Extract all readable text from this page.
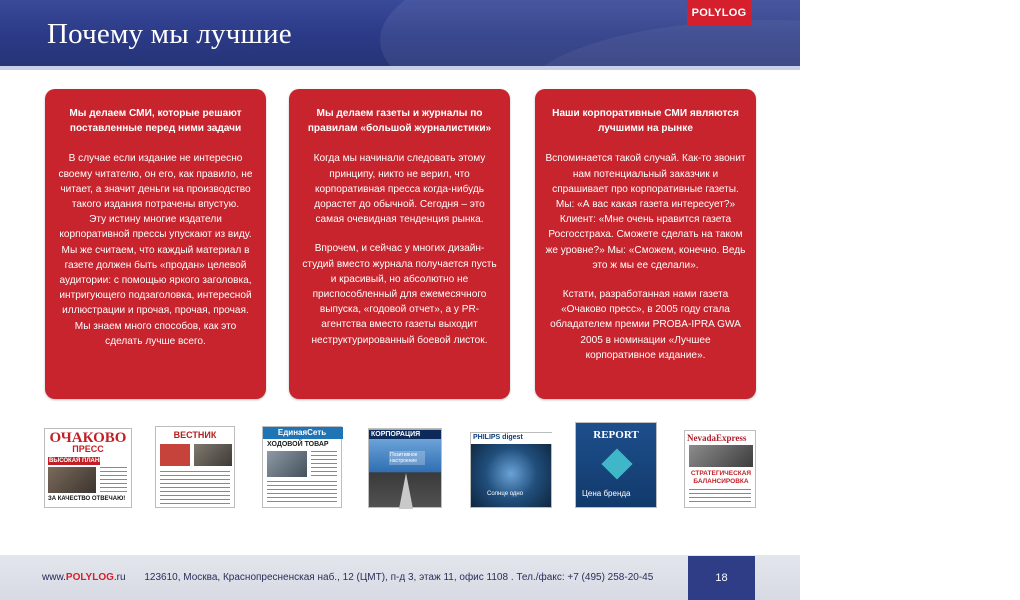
Почему мы лучшие
POLYLOG
Мы делаем СМИ, которые решают поставленные перед ними задачи

В случае если издание не интересно своему читателю, он его, как правило, не читает, а значит деньги на производство такого издания потрачены впустую.

Эту истину многие издатели корпоративной прессы упускают из виду. Мы же считаем, что каждый материал в газете должен быть «продан» целевой аудитории: с помощью яркого заголовка, интригующего подзаголовка, интересной иллюстрации и прочая, прочая, прочая.

Мы знаем много способов, как это сделать лучше всего.

Мы делаем газеты и журналы по правилам «большой журналистики»

Когда мы начинали следовать этому принципу, никто не верил, что корпоративная пресса когда-нибудь дорастет до обычной. Сегодня – это самая очевидная тенденция рынка.

Впрочем, и сейчас у многих дизайн-студий вместо журнала получается пусть и красивый, но абсолютно не приспособленный для ежемесячного выпуска, «годовой отчет», а у PR-агентства вместо газеты выходит неструктурированный боевой листок.

Наши корпоративные СМИ являются лучшими на рынке

Вспоминается такой случай. Как-то звонит нам потенциальный заказчик и спрашивает про корпоративные газеты. Мы: «А вас какая газета интересует?» Клиент: «Мне очень нравится газета Росгосстраха. Сможете сделать на таком же уровне?» Мы: «Сможем, конечно. Ведь это ж мы ее сделали».

Кстати, разработанная нами газета «Очаково пресс», в 2005 году стала обладателем премии PROBA-IPRA GWA 2005 в номинации «Лучшее корпоративное издание».

ОЧАКОВО
ПРЕСС
ВЫСОКАЯ ПЛАНКА
ЗА КАЧЕСТВО ОТВЕЧАЮ!
ВЕСТНИК	ЕдинаяСеть
ХОДОВОЙ ТОВАР
КОРПОРАЦИЯ
Позитивное настроение
PHILIPS digest
Солнце одно
REPORT
Цена бренда
NevadaExpress
СТРАТЕГИЧЕСКАЯ БАЛАНСИРОВКА
www.POLYLOG.ru 123610, Москва, Краснопресненская наб., 12 (ЦМТ), п-д 3, этаж 11, офис 1108 . Тел./факс: +7 (495) 258-20-45	18
